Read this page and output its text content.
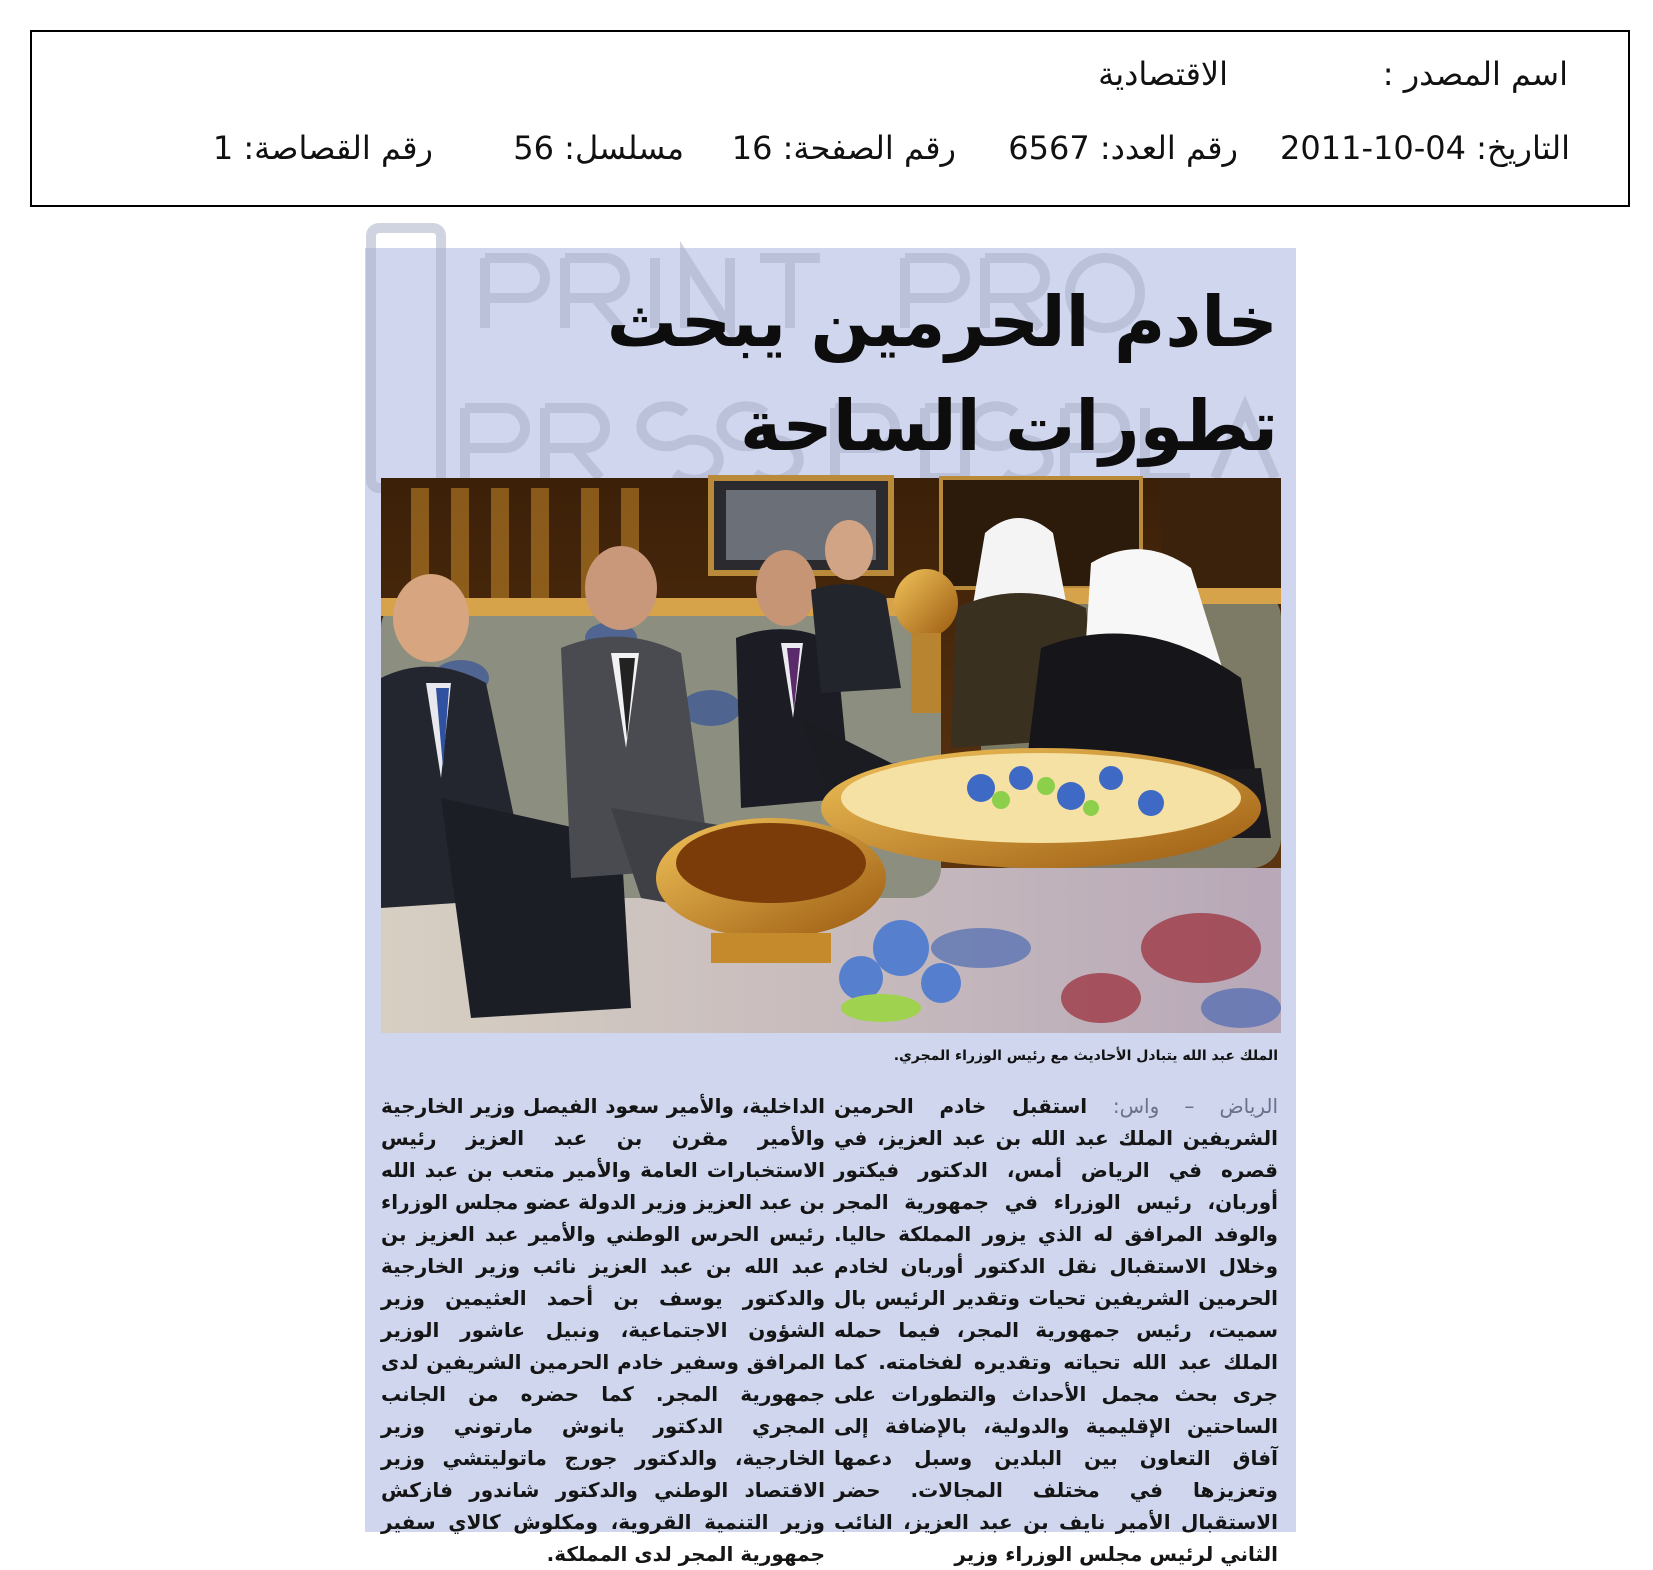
اسم المصدر :
الاقتصادية
التاريخ: 04-10-2011
رقم العدد: 6567
رقم الصفحة: 16
مسلسل: 56
رقم القصاصة: 1
خادم الحرمين يبحث تطورات الساحة
الملك عبد الله يتبادل الأحاديث مع رئيس الوزراء المجري.
الرياض – واس: استقبل خادم الحرمين الشريفين الملك عبد الله بن عبد العزيز، في قصره في الرياض أمس، الدكتور فيكتور أوربان، رئيس الوزراء في جمهورية المجر والوفد المرافق له الذي يزور المملكة حاليا. وخلال الاستقبال نقل الدكتور أوربان لخادم الحرمين الشريفين تحيات وتقدير الرئيس بال سميت، رئيس جمهورية المجر، فيما حمله الملك عبد الله تحياته وتقديره لفخامته. كما جرى بحث مجمل الأحداث والتطورات على الساحتين الإقليمية والدولية، بالإضافة إلى آفاق التعاون بين البلدين وسبل دعمها وتعزيزها في مختلف المجالات. حضر الاستقبال الأمير نايف بن عبد العزيز، النائب الثاني لرئيس مجلس الوزراء وزير
الداخلية، والأمير سعود الفيصل وزير الخارجية والأمير مقرن بن عبد العزيز رئيس الاستخبارات العامة والأمير متعب بن عبد الله بن عبد العزيز وزير الدولة عضو مجلس الوزراء رئيس الحرس الوطني والأمير عبد العزيز بن عبد الله بن عبد العزيز نائب وزير الخارجية والدكتور يوسف بن أحمد العثيمين وزير الشؤون الاجتماعية، ونبيل عاشور الوزير المرافق وسفير خادم الحرمين الشريفين لدى جمهورية المجر. كما حضره من الجانب المجري الدكتور يانوش مارتوني وزير الخارجية، والدكتور جورج ماتوليتشي وزير الاقتصاد الوطني والدكتور شاندور فازكش وزير التنمية القروية، ومكلوش كالاي سفير جمهورية المجر لدى المملكة.
